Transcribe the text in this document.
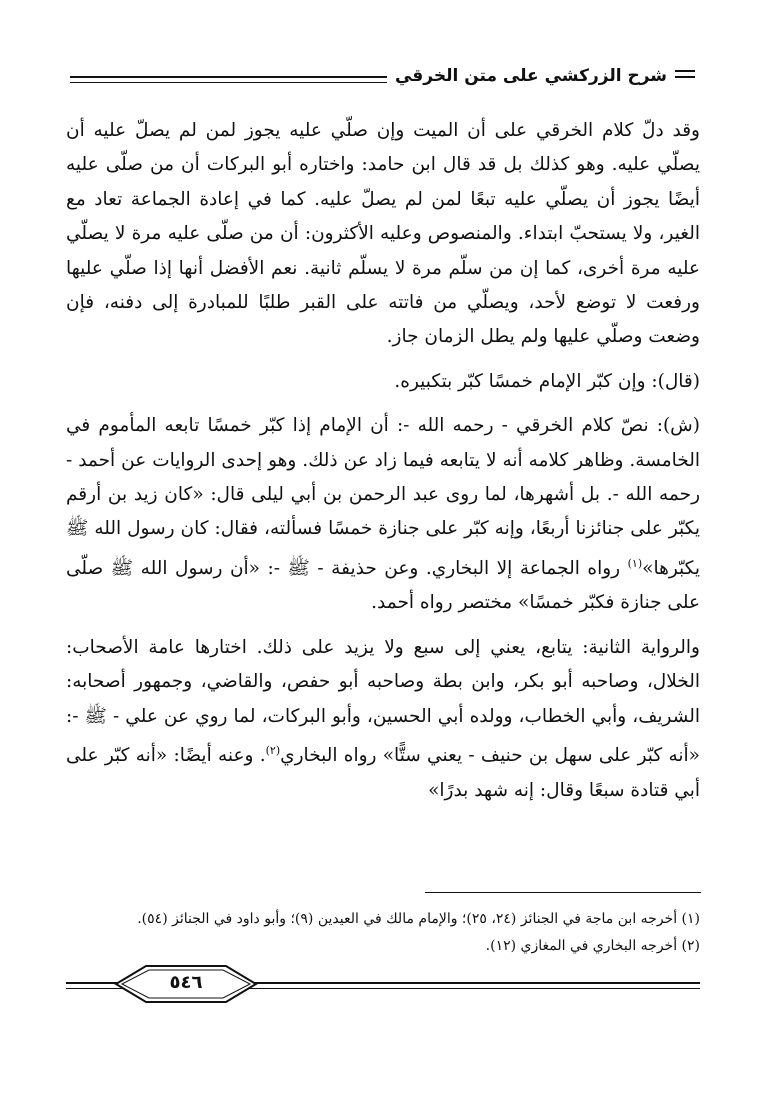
شرح الزركشي على متن الخرقي

وقد دلّ كلام الخرقي على أن الميت وإن صلّي عليه يجوز لمن لم يصلّ عليه أن يصلّي عليه. وهو كذلك بل قد قال ابن حامد: واختاره أبو البركات أن من صلّى عليه أيضًا يجوز أن يصلّي عليه تبعًا لمن لم يصلّ عليه. كما في إعادة الجماعة تعاد مع الغير، ولا يستحبّ ابتداء. والمنصوص وعليه الأكثرون: أن من صلّى عليه مرة لا يصلّي عليه مرة أخرى، كما إن من سلّم مرة لا يسلّم ثانية. نعم الأفضل أنها إذا صلّي عليها ورفعت لا توضع لأحد، ويصلّي من فاتته على القبر طلبًا للمبادرة إلى دفنه، فإن وضعت وصلّي عليها ولم يطل الزمان جاز.

(قال): وإن كبّر الإمام خمسًا كبّر بتكبيره.

(ش): نصّ كلام الخرقي - رحمه الله -: أن الإمام إذا كبّر خمسًا تابعه المأموم في الخامسة. وظاهر كلامه أنه لا يتابعه فيما زاد عن ذلك. وهو إحدى الروايات عن أحمد - رحمه الله -. بل أشهرها، لما روى عبد الرحمن بن أبي ليلى قال: «كان زيد بن أرقم يكبّر على جنائزنا أربعًا، وإنه كبّر على جنازة خمسًا فسألته، فقال: كان رسول الله ﷺ يكبّرها»$^{(١)}$ رواه الجماعة إلا البخاري. وعن حذيفة - ﷺ -: «أن رسول الله ﷺ صلّى على جنازة فكبّر خمسًا» مختصر رواه أحمد.

والرواية الثانية: يتابع، يعني إلى سبع ولا يزيد على ذلك. اختارها عامة الأصحاب: الخلال، وصاحبه أبو بكر، وابن بطة وصاحبه أبو حفص، والقاضي، وجمهور أصحابه: الشريف، وأبي الخطاب، وولده أبي الحسين، وأبو البركات، لما روي عن علي - ﷺ -: «أنه كبّر على سهل بن حنيف - يعني ستًّا» رواه البخاري$^{(٢)}$. وعنه أيضًا: «أنه كبّر على أبي قتادة سبعًا وقال: إنه شهد بدرًا»

(١) أخرجه ابن ماجة في الجنائز (٢٤، ٢٥)؛ والإمام مالك في العيدين (٩)؛ وأبو داود في الجنائز (٥٤).

(٢) أخرجه البخاري في المغازي (١٢).

٥٤٦
